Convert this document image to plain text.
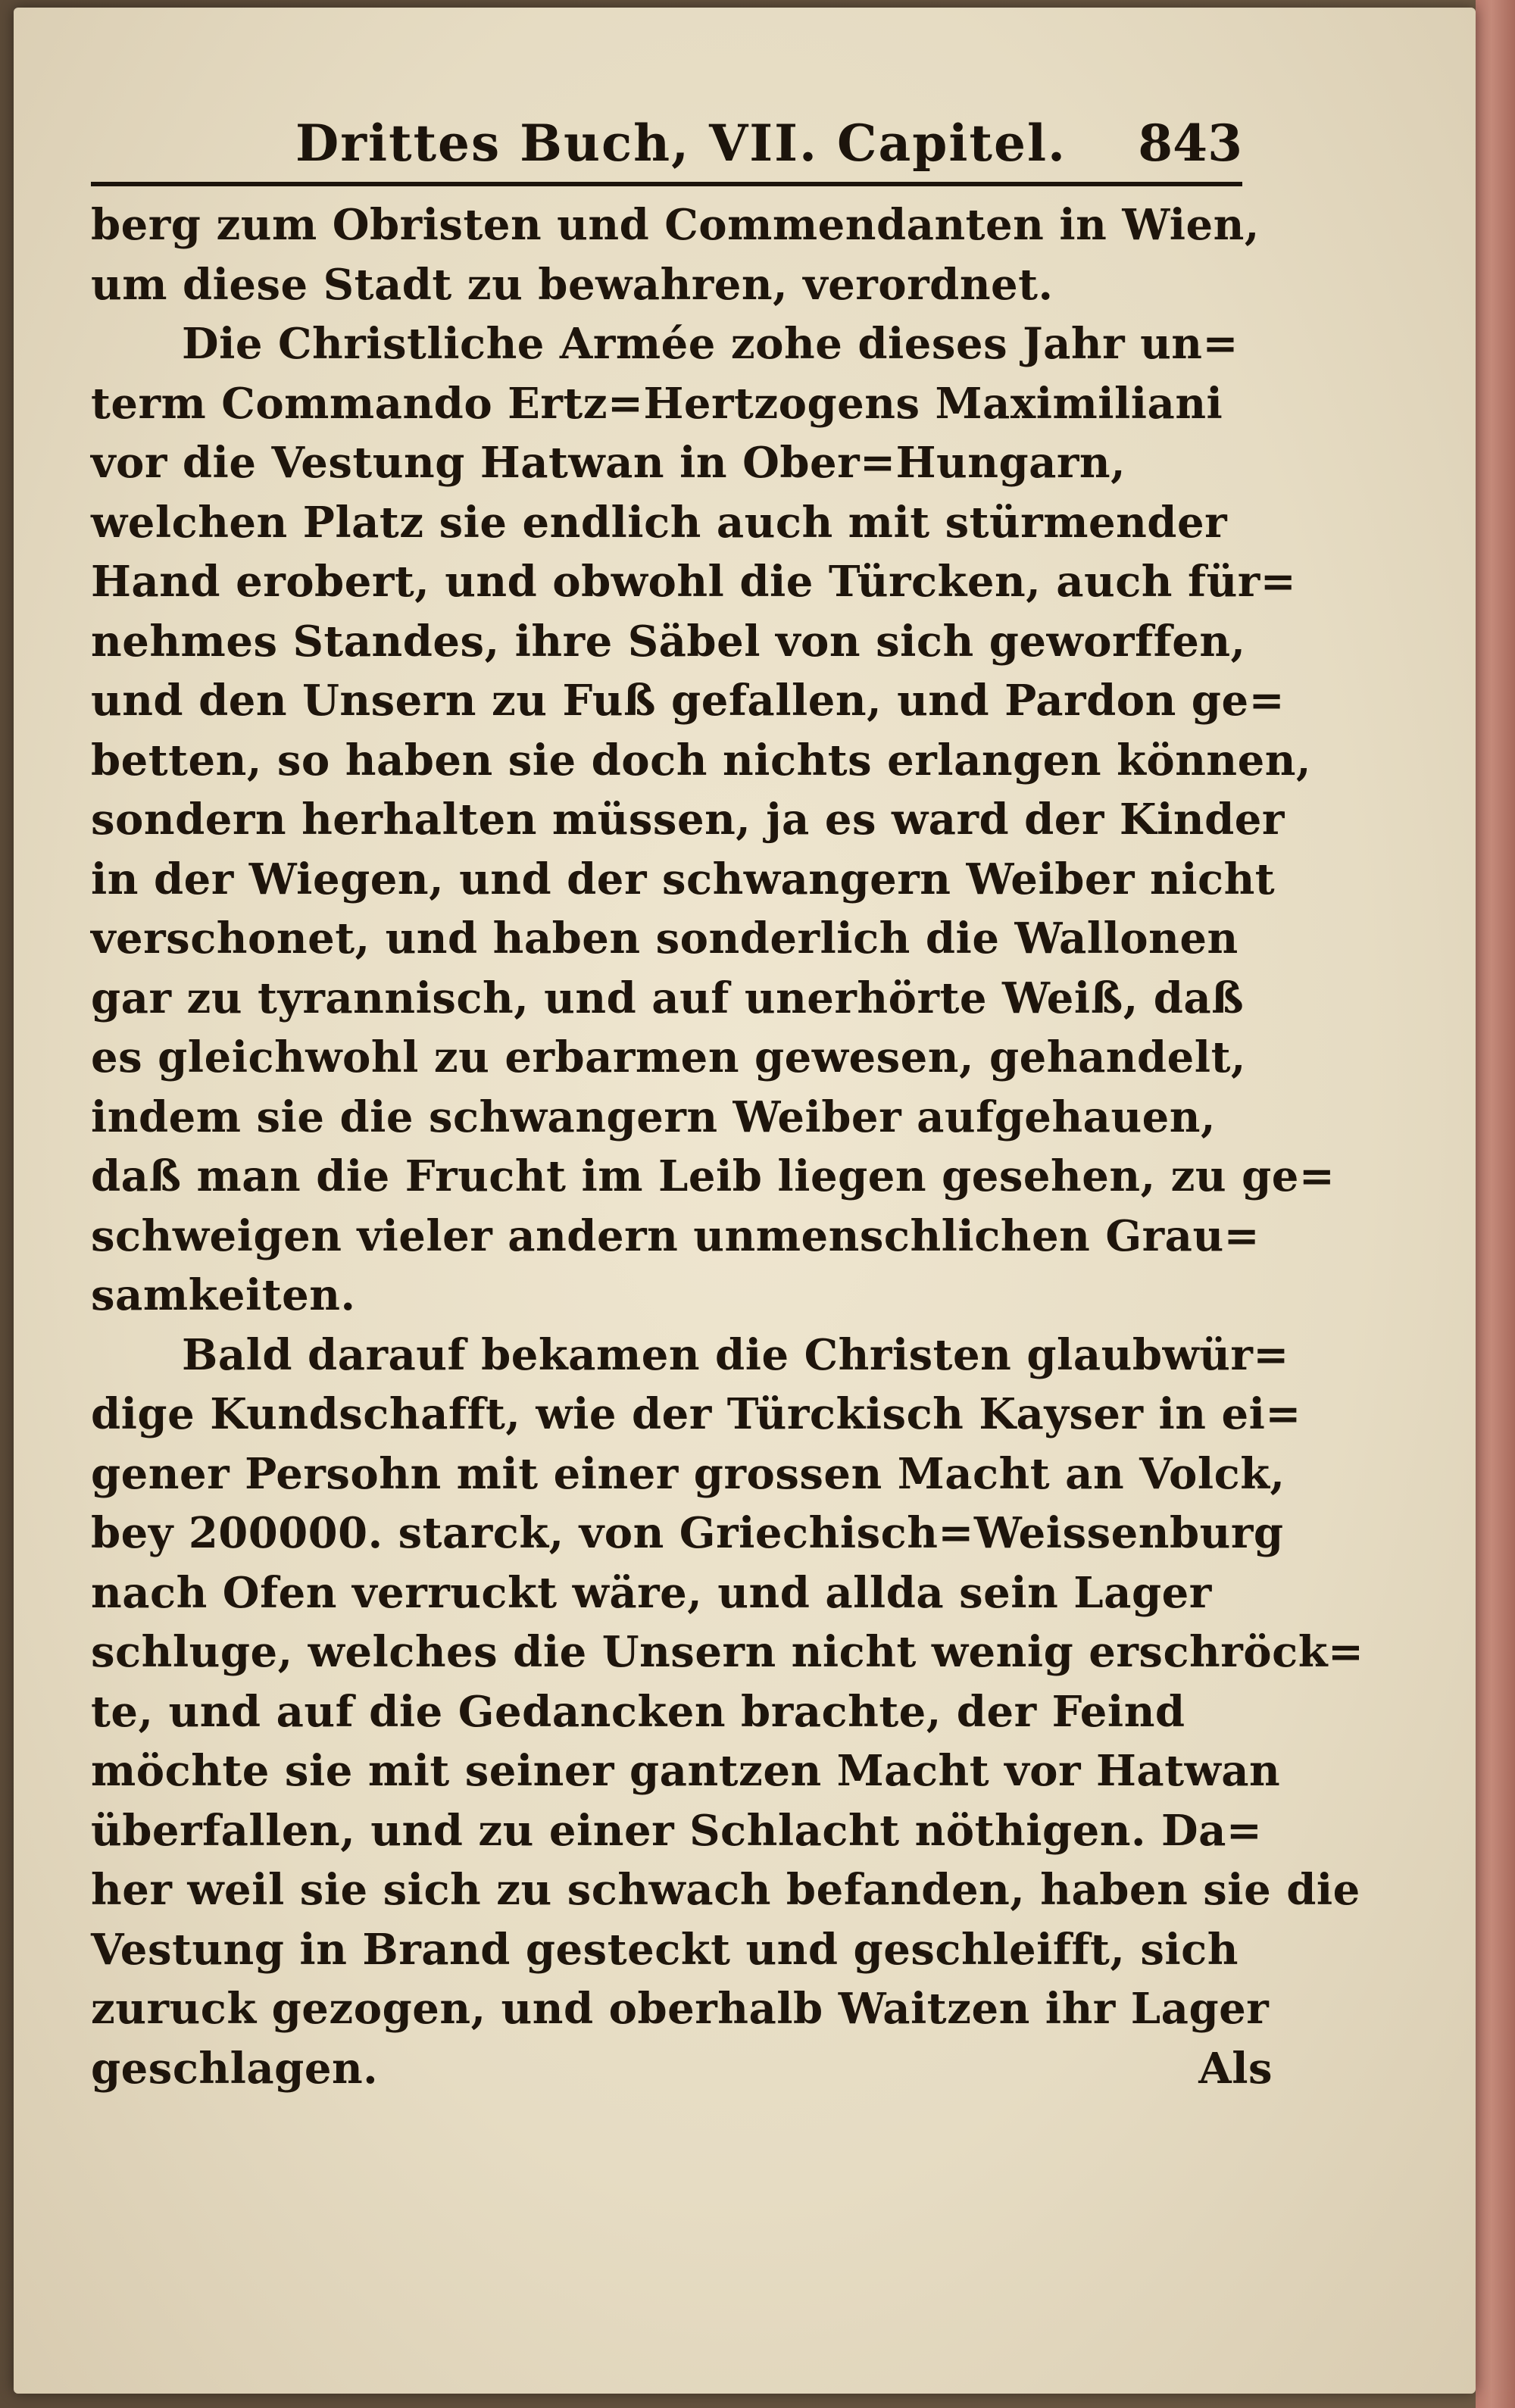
Drittes Buch, VII. Capitel. 843
berg zum Obristen und Commendanten in Wien,
um diese Stadt zu bewahren, verordnet.
Die Christliche Armée zohe dieses Jahr un=
term Commando Ertz=Hertzogens Maximiliani
vor die Vestung Hatwan in Ober=Hungarn,
welchen Platz sie endlich auch mit stürmender
Hand erobert, und obwohl die Türcken, auch für=
nehmes Standes, ihre Säbel von sich geworffen,
und den Unsern zu Fuß gefallen, und Pardon ge=
betten, so haben sie doch nichts erlangen können,
sondern herhalten müssen, ja es ward der Kinder
in der Wiegen, und der schwangern Weiber nicht
verschonet, und haben sonderlich die Wallonen
gar zu tyrannisch, und auf unerhörte Weiß, daß
es gleichwohl zu erbarmen gewesen, gehandelt,
indem sie die schwangern Weiber aufgehauen,
daß man die Frucht im Leib liegen gesehen, zu ge=
schweigen vieler andern unmenschlichen Grau=
samkeiten.
Bald darauf bekamen die Christen glaubwür=
dige Kundschafft, wie der Türckisch Kayser in ei=
gener Persohn mit einer grossen Macht an Volck,
bey 200000. starck, von Griechisch=Weissenburg
nach Ofen verruckt wäre, und allda sein Lager
schluge, welches die Unsern nicht wenig erschröck=
te, und auf die Gedancken brachte, der Feind
möchte sie mit seiner gantzen Macht vor Hatwan
überfallen, und zu einer Schlacht nöthigen. Da=
her weil sie sich zu schwach befanden, haben sie die
Vestung in Brand gesteckt und geschleifft, sich
zuruck gezogen, und oberhalb Waitzen ihr Lager
geschlagen.	Als
